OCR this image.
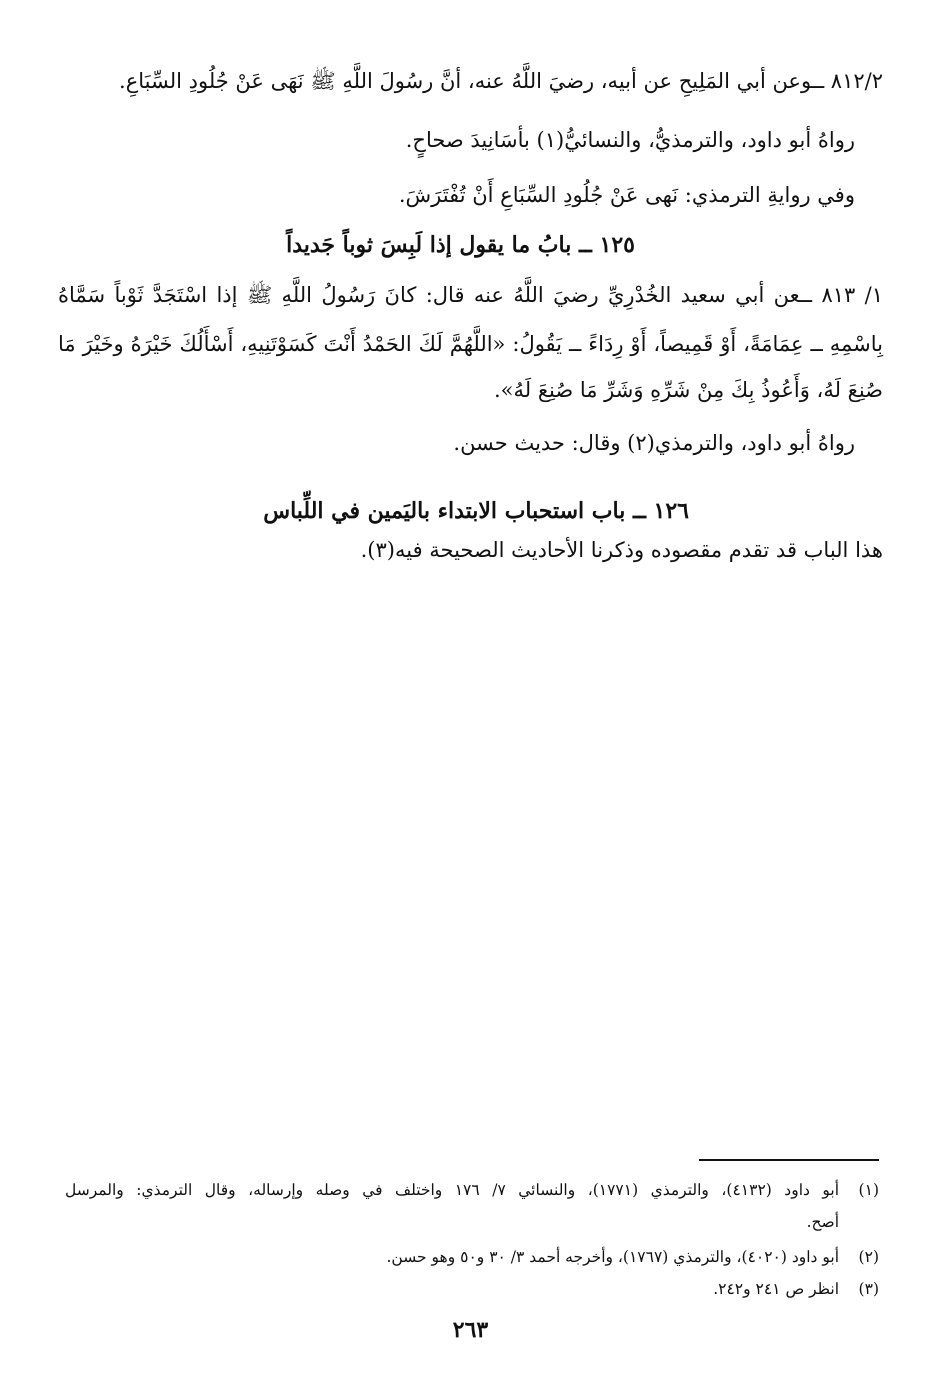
٨١٢/٢ ــوعن أبي المَلِيحِ عن أبيه، رضيَ اللَّهُ عنه، أنَّ رسُولَ اللَّهِ ﷺ نَهَى عَنْ جُلُودِ السِّبَاعِ.
رواهُ أبو داود، والترمذيُّ، والنسائيُّ(١) بأسَانِيدَ صحاحٍ.
وفي روايةِ الترمذي: نَهى عَنْ جُلُودِ السِّبَاعِ أَنْ تُفْتَرَشَ.
١٢٥ ــ بابُ ما يقول إذا لَبِسَ ثوباً جَديداً
١/ ٨١٣ ــعن أبي سعيد الخُدْرِيِّ رضيَ اللَّهُ عنه قال: كانَ رَسُولُ اللَّهِ ﷺ إذا اسْتَجَدَّ ثَوْباً سَمَّاهُ
بِاسْمِهِ ــ عِمَامَةً، أَوْ قَمِيصاً، أَوْ رِدَاءً ــ يَقُولُ: «اللَّهُمَّ لَكَ الحَمْدُ أَنْتَ كَسَوْتَنِيهِ، أَسْأَلُكَ خَيْرَهُ وخَيْرَ مَا
صُنِعَ لَهُ، وَأَعُوذُ بِكَ مِنْ شَرِّهِ وَشَرِّ مَا صُنِعَ لَهُ».
رواهُ أبو داود، والترمذي(٢) وقال: حديث حسن.
١٢٦ ــ باب استحباب الابتداء باليَمين في اللِّباس
هذا الباب قد تقدم مقصوده وذكرنا الأحاديث الصحيحة فيه(٣).
(١)
أبو داود (٤١٣٢)، والترمذي (١٧٧١)، والنسائي ٧/ ١٧٦ واختلف في وصله وإرساله، وقال الترمذي: والمرسل
أصح.
(٢)
أبو داود (٤٠٢٠)، والترمذي (١٧٦٧)، وأخرجه أحمد ٣/ ٣٠ و٥٠ وهو حسن.
(٣)
انظر ص ٢٤١ و٢٤٢.
٢٦٣
